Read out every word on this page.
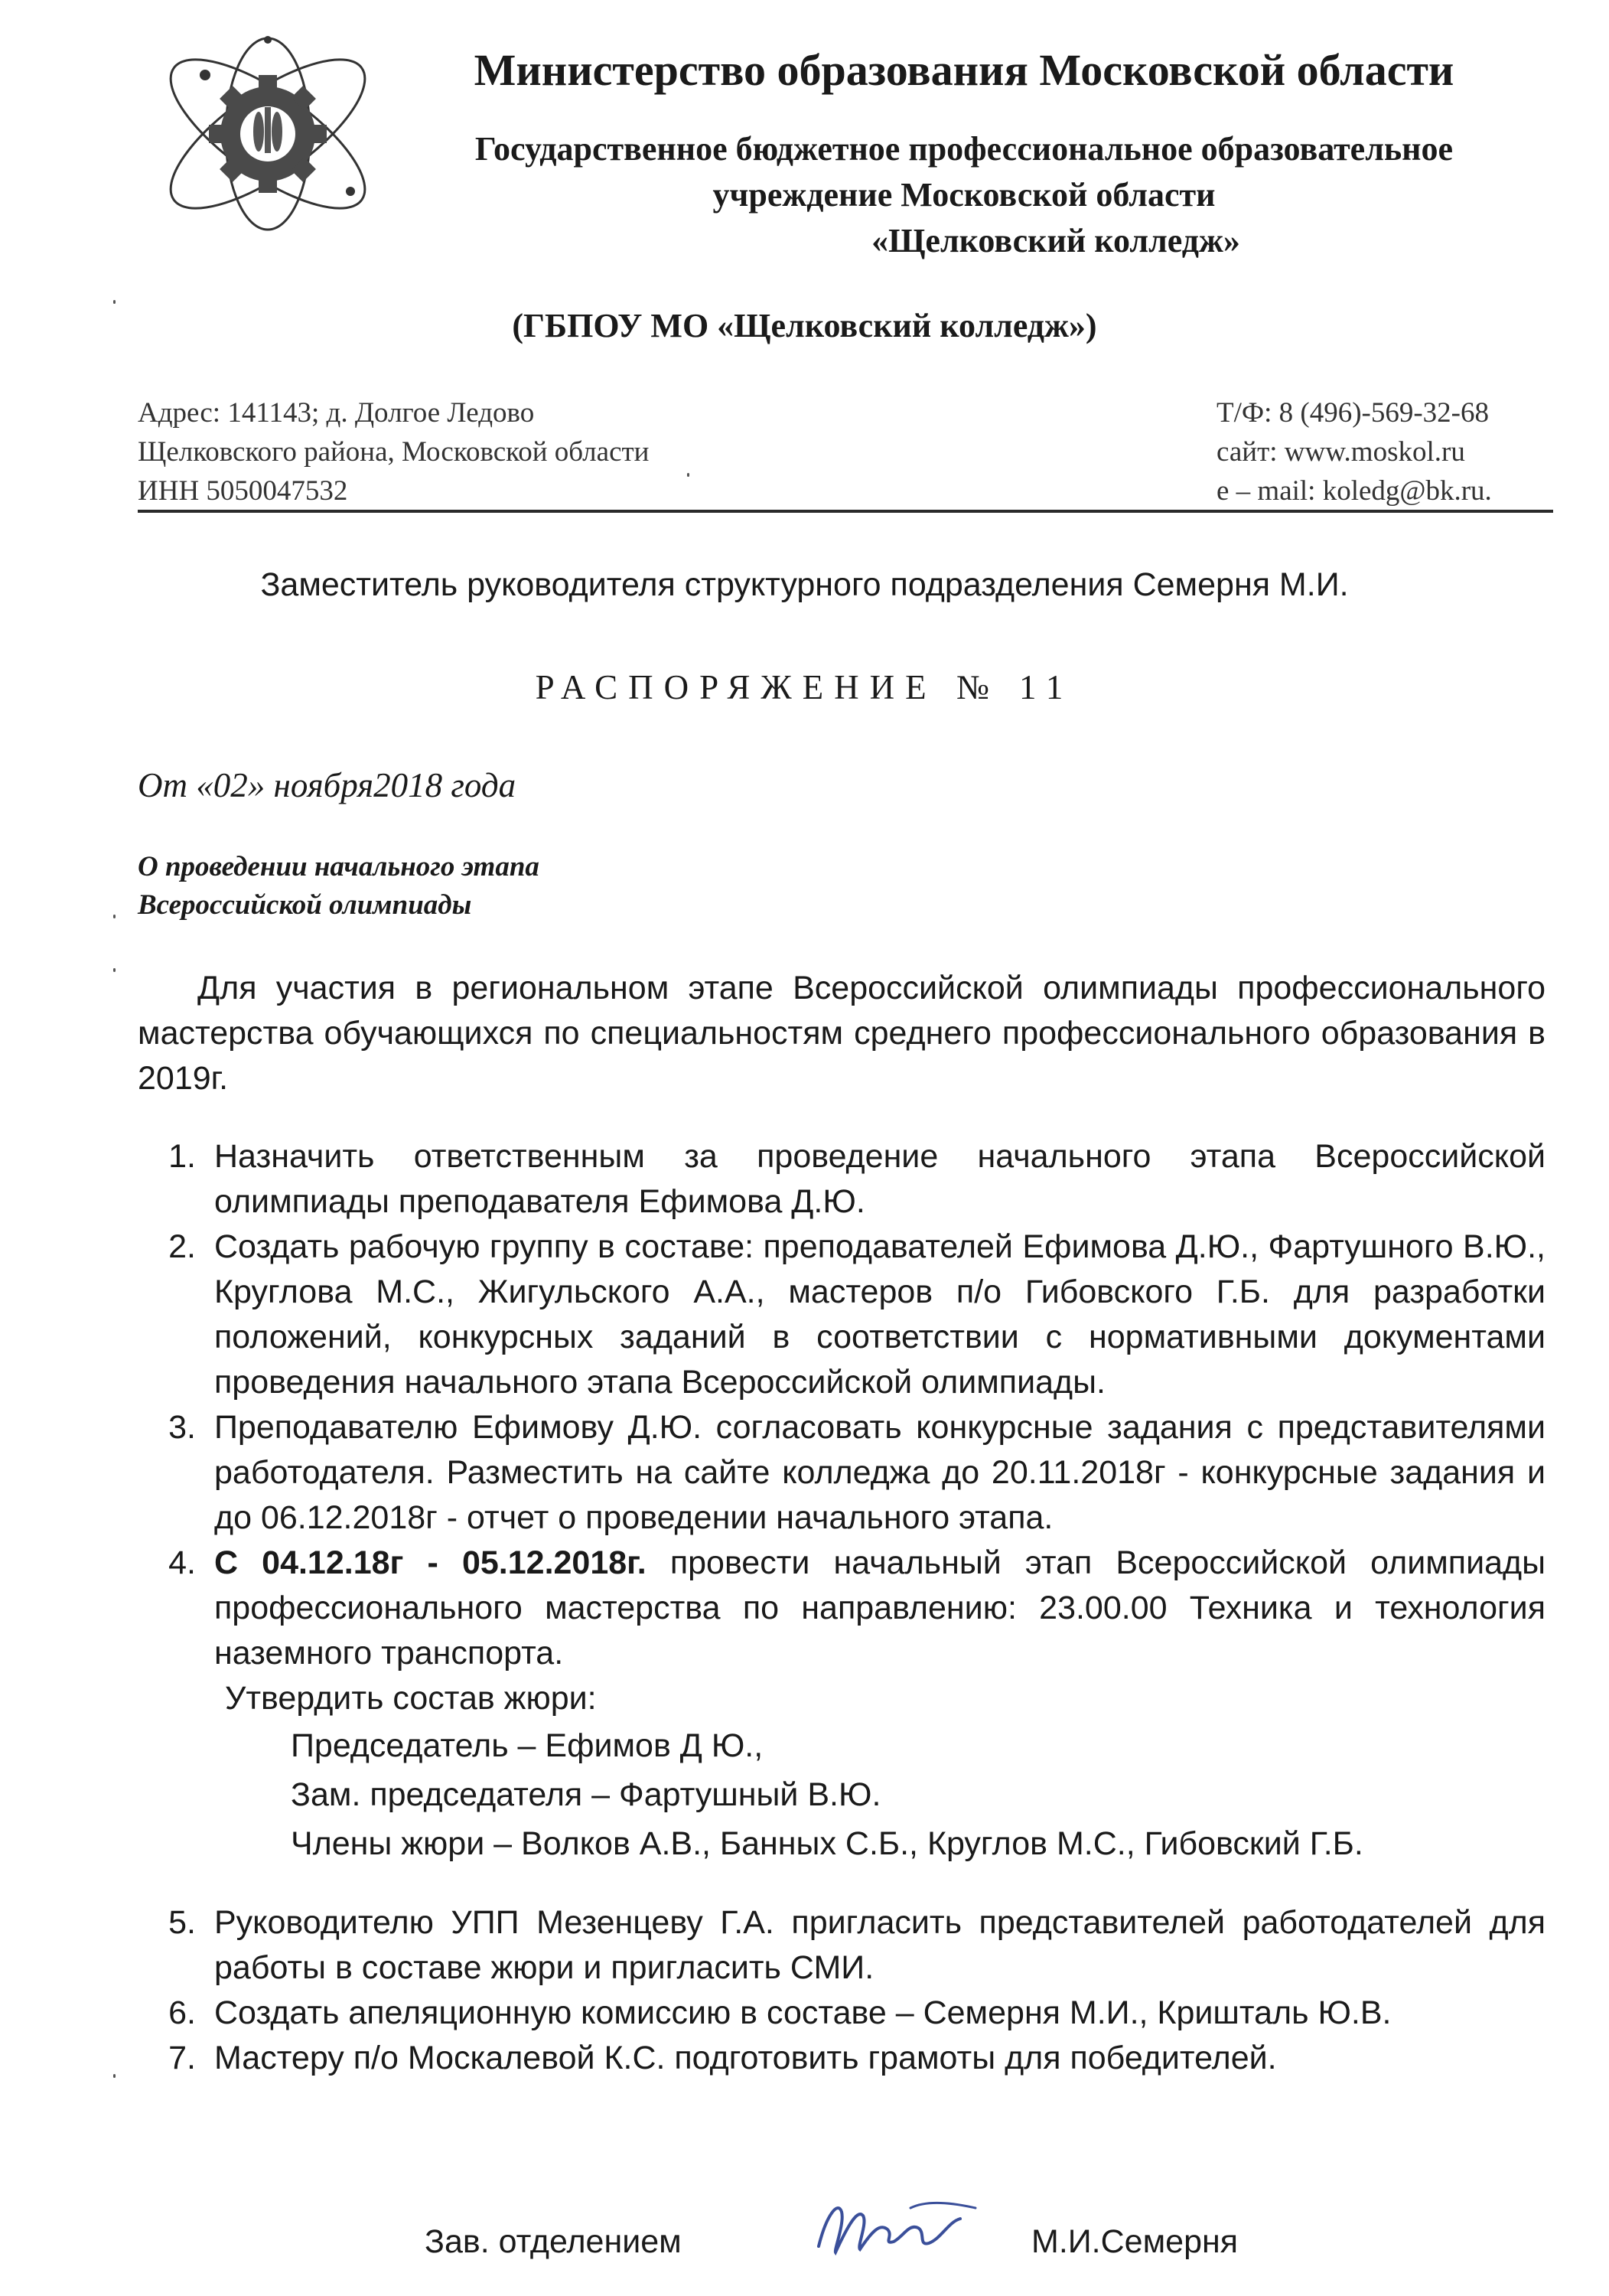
Министерство образования Московской области
Государственное бюджетное профессиональное образовательное
учреждение Московской области
«Щелковский колледж»
(ГБПОУ МО «Щелковский колледж»)
Адрес: 141143; д. Долгое Ледово
Щелковского района, Московской области
ИНН 5050047532
Т/Ф: 8 (496)-569-32-68
сайт: www.moskol.ru
e – mail: koledg@bk.ru.
Заместитель руководителя структурного подразделения Семерня М.И.
РАСПОРЯЖЕНИЕ № 11
От «02» ноября2018 года
О проведении начального этапа
Всероссийской олимпиады
Для участия в региональном этапе Всероссийской олимпиады профессионального мастерства обучающихся по специальностям среднего профессионального образования в 2019г.
1. Назначить ответственным за проведение начального этапа Всероссийской олимпиады преподавателя Ефимова Д.Ю.
2. Создать рабочую группу в составе: преподавателей Ефимова Д.Ю., Фартушного В.Ю., Круглова М.С., Жигульского А.А., мастеров п/о Гибовского Г.Б. для разработки положений, конкурсных заданий в соответствии с нормативными документами проведения начального этапа Всероссийской олимпиады.
3. Преподавателю Ефимову Д.Ю. согласовать конкурсные задания с представителями работодателя. Разместить на сайте колледжа до 20.11.2018г - конкурсные задания и до 06.12.2018г - отчет о проведении начального этапа.
4. С 04.12.18г - 05.12.2018г. провести начальный этап Всероссийской олимпиады профессионального мастерства по направлению: 23.00.00 Техника и технология наземного транспорта.
Утвердить состав жюри:
Председатель – Ефимов Д Ю.,
Зам. председателя – Фартушный В.Ю.
Члены жюри – Волков А.В., Банных С.Б., Круглов М.С., Гибовский Г.Б.
5. Руководителю УПП Мезенцеву Г.А. пригласить представителей работодателей для работы в составе жюри и пригласить СМИ.
6. Создать апеляционную комиссию в составе – Семерня М.И., Кришталь Ю.В.
7. Мастеру п/о Москалевой К.С. подготовить грамоты для победителей.
Зав. отделением	М.И.Семерня
